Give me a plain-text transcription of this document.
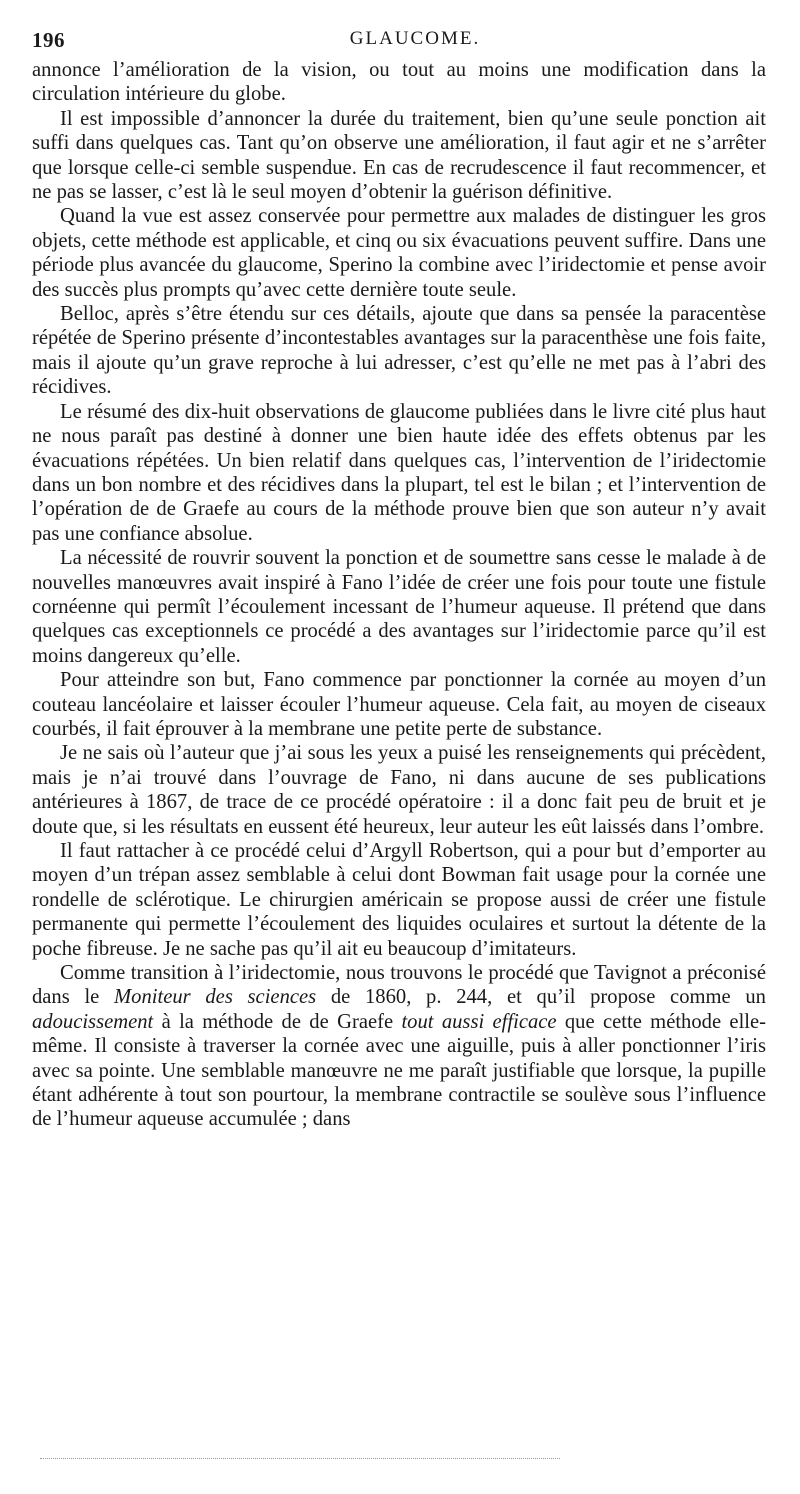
196	GLAUCOME.

annonce l’amélioration de la vision, ou tout au moins une modification dans la circulation intérieure du globe.

Il est impossible d’annoncer la durée du traitement, bien qu’une seule ponction ait suffi dans quelques cas. Tant qu’on observe une amélioration, il faut agir et ne s’arrêter que lorsque celle-ci semble suspendue. En cas de recrudescence il faut recommencer, et ne pas se lasser, c’est là le seul moyen d’obtenir la guérison définitive.

Quand la vue est assez conservée pour permettre aux malades de distinguer les gros objets, cette méthode est applicable, et cinq ou six évacuations peuvent suffire. Dans une période plus avancée du glaucome, Sperino la combine avec l’iridectomie et pense avoir des succès plus prompts qu’avec cette dernière toute seule.

Belloc, après s’être étendu sur ces détails, ajoute que dans sa pensée la paracentèse répétée de Sperino présente d’incontestables avantages sur la paracenthèse une fois faite, mais il ajoute qu’un grave reproche à lui adresser, c’est qu’elle ne met pas à l’abri des récidives.

Le résumé des dix-huit observations de glaucome publiées dans le livre cité plus haut ne nous paraît pas destiné à donner une bien haute idée des effets obtenus par les évacuations répétées. Un bien relatif dans quelques cas, l’intervention de l’iridectomie dans un bon nombre et des récidives dans la plupart, tel est le bilan ; et l’intervention de l’opération de de Graefe au cours de la méthode prouve bien que son auteur n’y avait pas une confiance absolue.

La nécessité de rouvrir souvent la ponction et de soumettre sans cesse le malade à de nouvelles manœuvres avait inspiré à Fano l’idée de créer une fois pour toute une fistule cornéenne qui permît l’écoulement incessant de l’humeur aqueuse. Il prétend que dans quelques cas exceptionnels ce procédé a des avantages sur l’iridectomie parce qu’il est moins dangereux qu’elle.

Pour atteindre son but, Fano commence par ponctionner la cornée au moyen d’un couteau lancéolaire et laisser écouler l’humeur aqueuse. Cela fait, au moyen de ciseaux courbés, il fait éprouver à la membrane une petite perte de substance.

Je ne sais où l’auteur que j’ai sous les yeux a puisé les renseignements qui précèdent, mais je n’ai trouvé dans l’ouvrage de Fano, ni dans aucune de ses publications antérieures à 1867, de trace de ce procédé opératoire : il a donc fait peu de bruit et je doute que, si les résultats en eussent été heureux, leur auteur les eût laissés dans l’ombre.

Il faut rattacher à ce procédé celui d’Argyll Robertson, qui a pour but d’emporter au moyen d’un trépan assez semblable à celui dont Bowman fait usage pour la cornée une rondelle de sclérotique. Le chirurgien américain se propose aussi de créer une fistule permanente qui permette l’écoulement des liquides oculaires et surtout la détente de la poche fibreuse. Je ne sache pas qu’il ait eu beaucoup d’imitateurs.

Comme transition à l’iridectomie, nous trouvons le procédé que Tavignot a préconisé dans le Moniteur des sciences de 1860, p. 244, et qu’il propose comme un adoucissement à la méthode de de Graefe tout aussi efficace que cette méthode elle-même. Il consiste à traverser la cornée avec une aiguille, puis à aller ponctionner l’iris avec sa pointe. Une semblable manœuvre ne me paraît justifiable que lorsque, la pupille étant adhérente à tout son pourtour, la membrane contractile se soulève sous l’influence de l’humeur aqueuse accumulée ; dans
